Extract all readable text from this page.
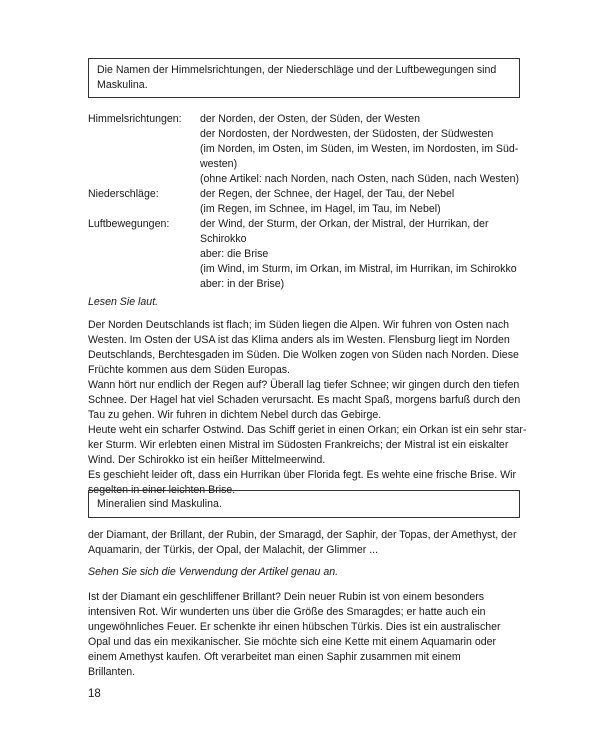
Die Namen der Himmelsrichtungen, der Niederschläge und der Luftbewegungen sind
Maskulina.
Himmelsrichtungen:	der Norden, der Osten, der Süden, der Westen
der Nordosten, der Nordwesten, der Südosten, der Südwesten
(im Norden, im Osten, im Süden, im Westen, im Nordosten, im Süd-
westen)
(ohne Artikel: nach Norden, nach Osten, nach Süden, nach Westen)
Niederschläge:	der Regen, der Schnee, der Hagel, der Tau, der Nebel
(im Regen, im Schnee, im Hagel, im Tau, im Nebel)
Luftbewegungen:	der Wind, der Sturm, der Orkan, der Mistral, der Hurrikan, der
Schirokko
aber: die Brise
(im Wind, im Sturm, im Orkan, im Mistral, im Hurrikan, im Schirokko
aber: in der Brise)
Lesen Sie laut.
Der Norden Deutschlands ist flach; im Süden liegen die Alpen. Wir fuhren von Osten nach
Westen. Im Osten der USA ist das Klima anders als im Westen. Flensburg liegt im Norden
Deutschlands, Berchtesgaden im Süden. Die Wolken zogen von Süden nach Norden. Diese
Früchte kommen aus dem Süden Europas.
Wann hört nur endlich der Regen auf? Überall lag tiefer Schnee; wir gingen durch den tiefen
Schnee. Der Hagel hat viel Schaden verursacht. Es macht Spaß, morgens barfuß durch den
Tau zu gehen. Wir fuhren in dichtem Nebel durch das Gebirge.
Heute weht ein scharfer Ostwind. Das Schiff geriet in einen Orkan; ein Orkan ist ein sehr star-
ker Sturm. Wir erlebten einen Mistral im Südosten Frankreichs; der Mistral ist ein eiskalter
Wind. Der Schirokko ist ein heißer Mittelmeerwind.
Es geschieht leider oft, dass ein Hurrikan über Florida fegt. Es wehte eine frische Brise. Wir
segelten in einer leichten Brise.
Mineralien sind Maskulina.
der Diamant, der Brillant, der Rubin, der Smaragd, der Saphir, der Topas, der Amethyst, der
Aquamarin, der Türkis, der Opal, der Malachit, der Glimmer ...
Sehen Sie sich die Verwendung der Artikel genau an.
Ist der Diamant ein geschliffener Brillant? Dein neuer Rubin ist von einem besonders
intensiven Rot. Wir wunderten uns über die Größe des Smaragdes; er hatte auch ein
ungewöhnliches Feuer. Er schenkte ihr einen hübschen Türkis. Dies ist ein australischer
Opal und das ein mexikanischer. Sie möchte sich eine Kette mit einem Aquamarin oder
einem Amethyst kaufen. Oft verarbeitet man einen Saphir zusammen mit einem
Brillanten.
18
